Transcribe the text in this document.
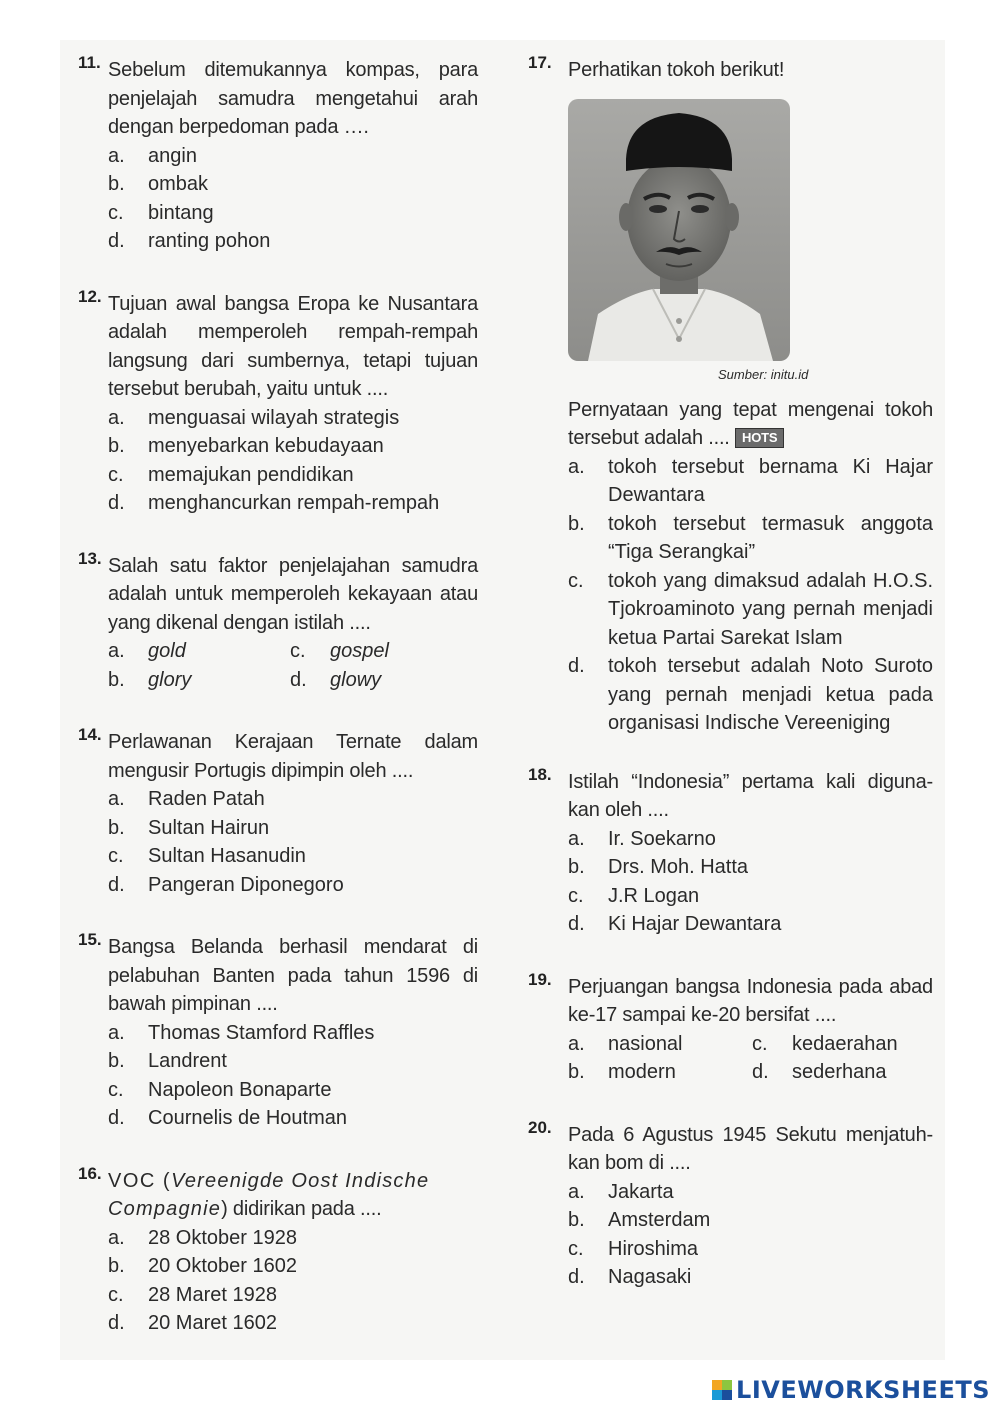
11. Sebelum ditemukannya kompas, para penjelajah samudra mengetahui arah dengan berpedoman pada ….
a.	angin
b.	ombak
c.	bintang
d.	ranting pohon
12. Tujuan awal bangsa Eropa ke Nusantara adalah memperoleh rempah-rempah langsung dari sumbernya, tetapi tujuan tersebut berubah, yaitu untuk ....
a.	menguasai wilayah strategis
b.	menyebarkan kebudayaan
c.	memajukan pendidikan
d.	menghancurkan rempah-rempah
13. Salah satu faktor penjelajahan samudra adalah untuk memperoleh kekayaan atau yang dikenal dengan istilah ....
a.	gold	c.	gospel
b.	glory	d.	glowy
14. Perlawanan Kerajaan Ternate dalam mengusir Portugis dipimpin oleh ....
a.	Raden Patah
b.	Sultan Hairun
c.	Sultan Hasanudin
d.	Pangeran Diponegoro
15. Bangsa Belanda berhasil mendarat di pelabuhan Banten pada tahun 1596 di bawah pimpinan ....
a.	Thomas Stamford Raffles
b.	Landrent
c.	Napoleon Bonaparte
d.	Cournelis de Houtman
16. VOC (Vereenigde Oost Indische Compagnie) didirikan pada ....
a.	28 Oktober 1928
b.	20 Oktober 1602
c.	28 Maret 1928
d.	20 Maret 1602
17. Perhatikan tokoh berikut!
Sumber: initu.id
Pernyataan yang tepat mengenai tokoh tersebut adalah .... HOTS
a.	tokoh tersebut bernama Ki Hajar Dewantara
b.	tokoh tersebut termasuk anggota “Tiga Serangkai”
c.	tokoh yang dimaksud adalah H.O.S. Tjokroaminoto yang pernah menjadi ketua Partai Sarekat Islam
d.	tokoh tersebut adalah Noto Suroto yang pernah menjadi ketua pada organisasi Indische Vereeniging
18. Istilah “Indonesia” pertama kali diguna-kan oleh ....
a.	Ir. Soekarno
b.	Drs. Moh. Hatta
c.	J.R Logan
d.	Ki Hajar Dewantara
19. Perjuangan bangsa Indonesia pada abad ke-17 sampai ke-20 bersifat ....
a.	nasional	c.	kedaerahan
b.	modern	d.	sederhana
20. Pada 6 Agustus 1945 Sekutu menjatuh-kan bom di ....
a.	Jakarta
b.	Amsterdam
c.	Hiroshima
d.	Nagasaki
LIVEWORKSHEETS
